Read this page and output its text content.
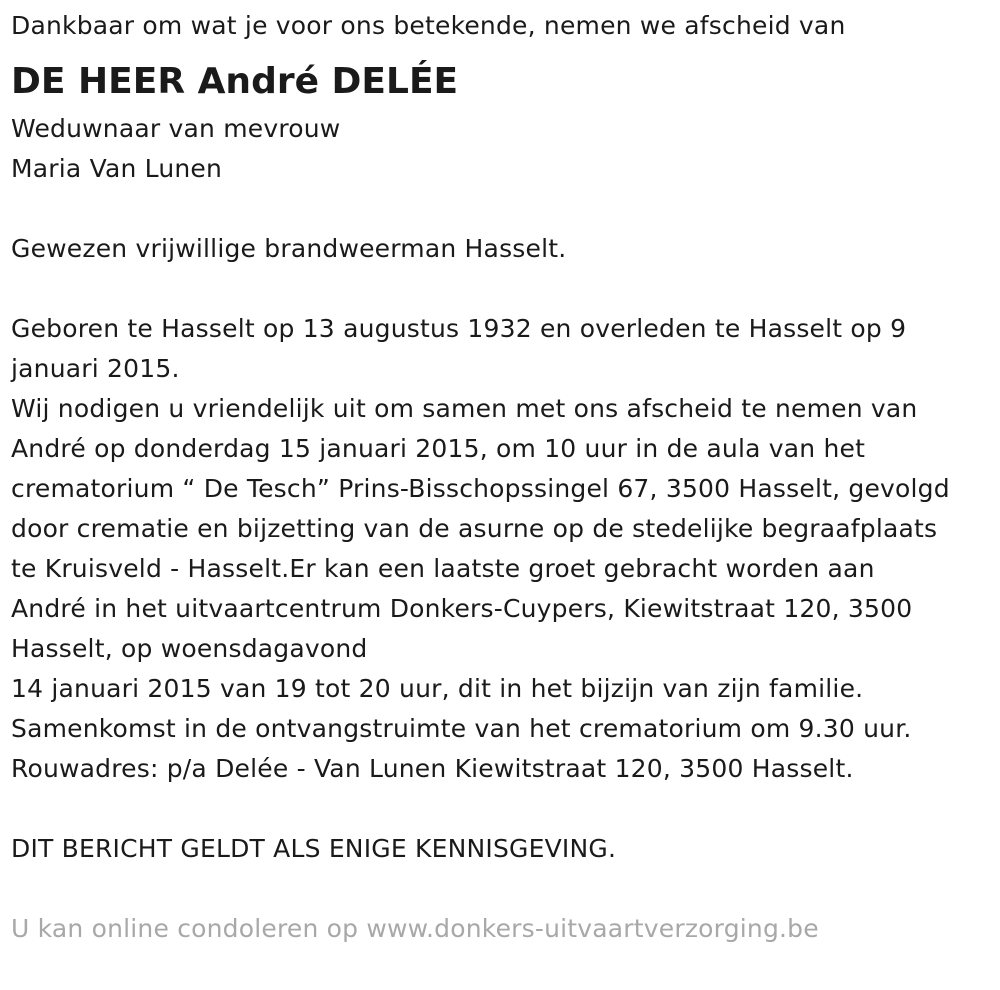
Dankbaar om wat je voor ons betekende, nemen we afscheid van
DE HEER André DELÉE
Weduwnaar van mevrouw
Maria Van Lunen
Gewezen vrijwillige brandweerman Hasselt.
Geboren te Hasselt op 13 augustus 1932 en overleden te Hasselt op 9
januari 2015.
Wij nodigen u vriendelijk uit om samen met ons afscheid te nemen van
André op donderdag 15 januari 2015, om 10 uur in de aula van het
crematorium “ De Tesch” Prins-Bisschopssingel 67, 3500 Hasselt, gevolgd
door crematie en bijzetting van de asurne op de stedelijke begraafplaats
te Kruisveld - Hasselt.Er kan een laatste groet gebracht worden aan
André in het uitvaartcentrum Donkers-Cuypers, Kiewitstraat 120, 3500
Hasselt, op woensdagavond
14 januari 2015 van 19 tot 20 uur, dit in het bijzijn van zijn familie.
Samenkomst in de ontvangstruimte van het crematorium om 9.30 uur.
Rouwadres: p/a Delée - Van Lunen Kiewitstraat 120, 3500 Hasselt.
DIT BERICHT GELDT ALS ENIGE KENNISGEVING.
U kan online condoleren op www.donkers-uitvaartverzorging.be
